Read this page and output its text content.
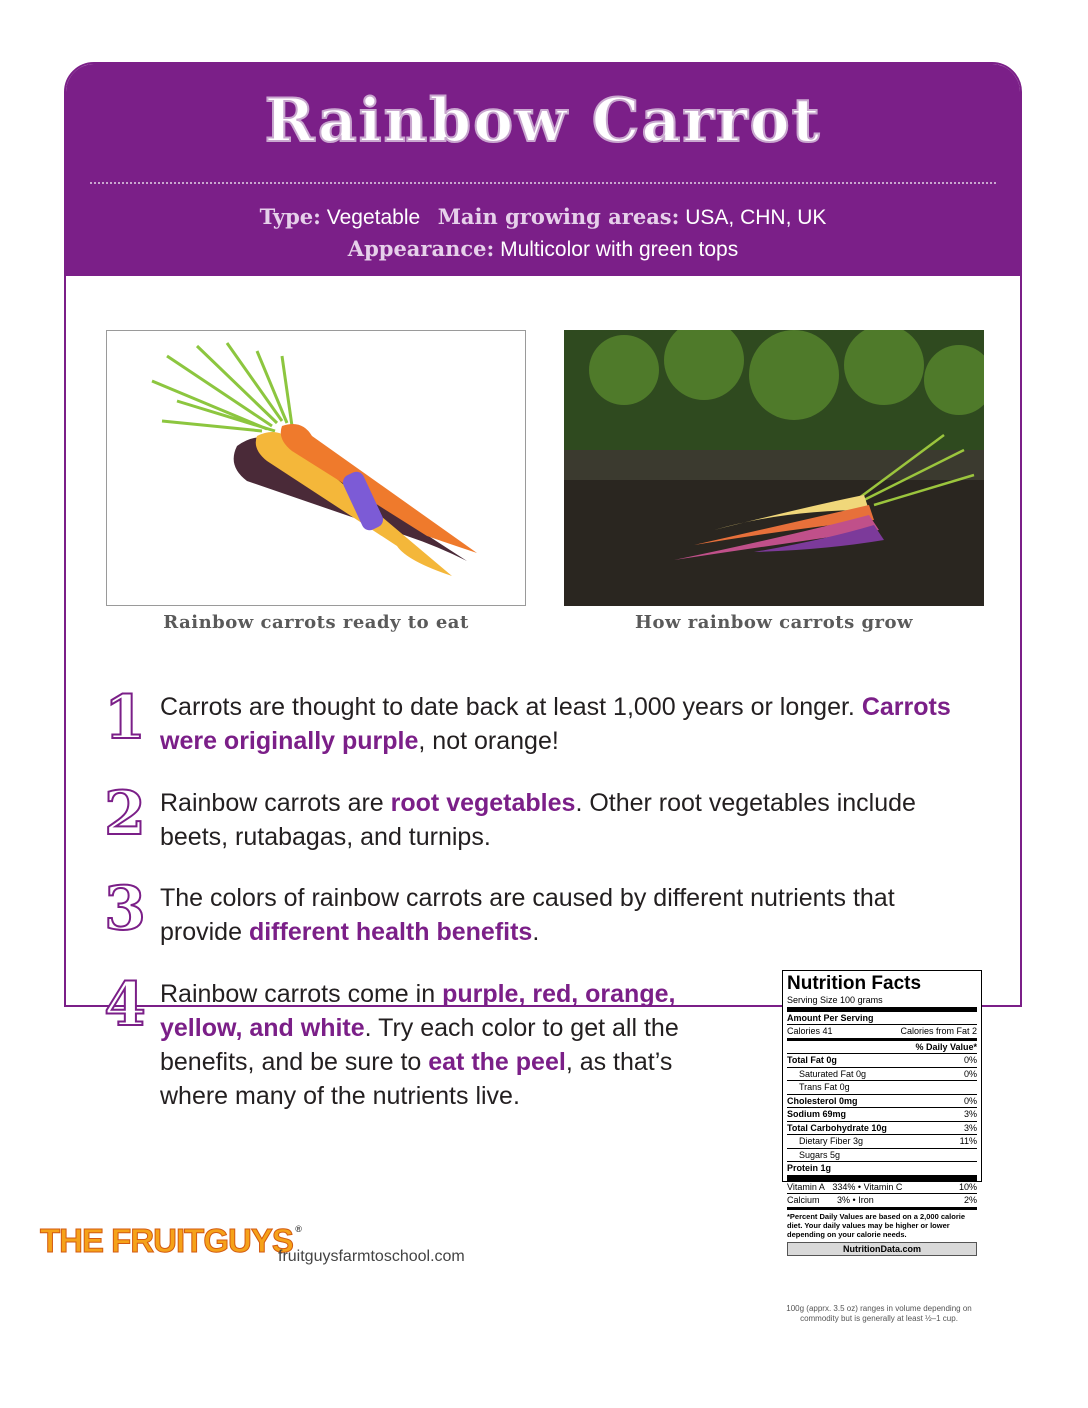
Rainbow Carrot
Type: Vegetable Main growing areas: USA, CHN, UK
Appearance: Multicolor with green tops
Rainbow carrots ready to eat	How rainbow carrots grow
1 Carrots are thought to date back at least 1,000 years or longer. Carrots were originally purple, not orange!
2 Rainbow carrots are root vegetables. Other root vegetables include beets, rutabagas, and turnips.
3 The colors of rainbow carrots are caused by different nutrients that provide different health benefits.
4 Rainbow carrots come in purple, red, orange, yellow, and white. Try each color to get all the benefits, and be sure to eat the peel, as that’s where many of the nutrients live.
Nutrition Facts
Serving Size 100 grams
Amount Per Serving
Calories 41	Calories from Fat 2
% Daily Value*
Total Fat 0g	0%
Saturated Fat 0g	0%
Trans Fat 0g
Cholesterol 0mg	0%
Sodium 69mg	3%
Total Carbohydrate 10g	3%
Dietary Fiber 3g	11%
Sugars 5g
Protein 1g
Vitamin A 334% • Vitamin C	10%
Calcium 3% • Iron	2%
*Percent Daily Values are based on a 2,000 calorie diet. Your daily values may be higher or lower depending on your calorie needs.
NutritionData.com
100g (apprx. 3.5 oz) ranges in volume depending on commodity but is generally at least ½–1 cup.
THE FRUITGUYS ®
fruitguysfarmtoschool.com
